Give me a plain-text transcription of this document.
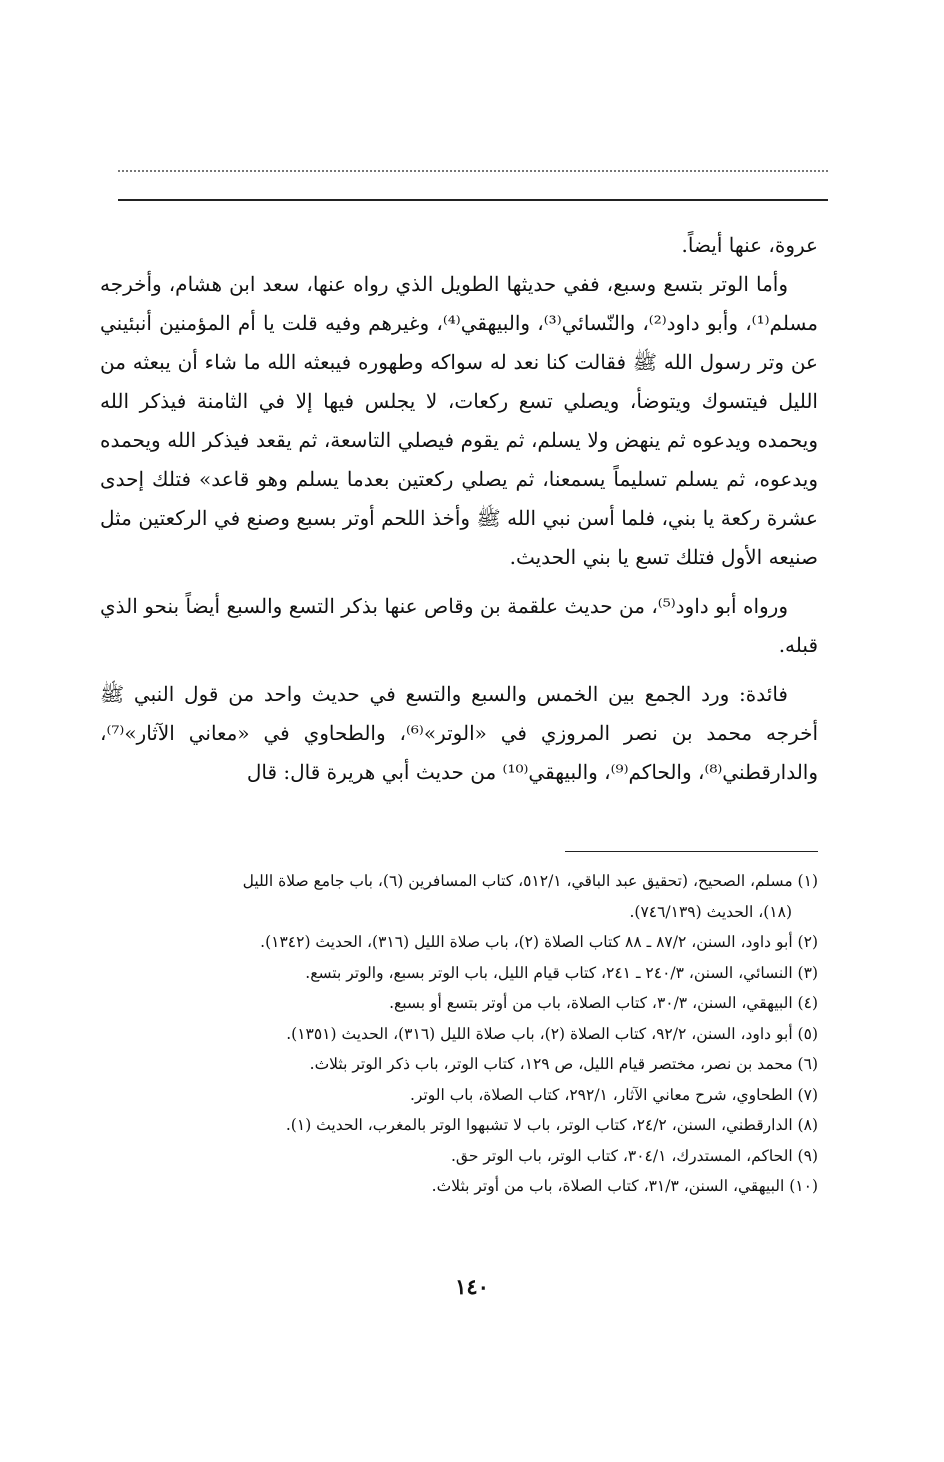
عروة، عنها أيضاً.

وأما الوتر بتسع وسبع، ففي حديثها الطويل الذي رواه عنها، سعد ابن هشام، وأخرجه مسلم⁽¹⁾، وأبو داود⁽²⁾، والنّسائي⁽³⁾، والبيهقي⁽⁴⁾، وغيرهم وفيه قلت يا أم المؤمنين أنبئيني عن وتر رسول الله ﷺ فقالت كنا نعد له سواكه وطهوره فيبعثه الله ما شاء أن يبعثه من الليل فيتسوك ويتوضأ، ويصلي تسع ركعات، لا يجلس فيها إلا في الثامنة فيذكر الله ويحمده ويدعوه ثم ينهض ولا يسلم، ثم يقوم فيصلي التاسعة، ثم يقعد فيذكر الله ويحمده ويدعوه، ثم يسلم تسليماً يسمعنا، ثم يصلي ركعتين بعدما يسلم وهو قاعد» فتلك إحدى عشرة ركعة يا بني، فلما أسن نبي الله ﷺ وأخذ اللحم أوتر بسبع وصنع في الركعتين مثل صنيعه الأول فتلك تسع يا بني الحديث.

ورواه أبو داود⁽⁵⁾، من حديث علقمة بن وقاص عنها بذكر التسع والسبع أيضاً بنحو الذي قبله.

فائدة: ورد الجمع بين الخمس والسبع والتسع في حديث واحد من قول النبي ﷺ أخرجه محمد بن نصر المروزي في «الوتر»⁽⁶⁾، والطحاوي في «معاني الآثار»⁽⁷⁾، والدارقطني⁽⁸⁾، والحاكم⁽⁹⁾، والبيهقي⁽¹⁰⁾ من حديث أبي هريرة قال: قال

(١) مسلم، الصحيح، (تحقيق عبد الباقي، ٥١٢/١، كتاب المسافرين (٦)، باب جامع صلاة الليل

(١٨)، الحديث (٧٤٦/١٣٩).

(٢) أبو داود، السنن، ٨٧/٢ ـ ٨٨ كتاب الصلاة (٢)، باب صلاة الليل (٣١٦)، الحديث (١٣٤٢).

(٣) النسائي، السنن، ٢٤٠/٣ ـ ٢٤١، كتاب قيام الليل، باب الوتر بسبع، والوتر بتسع.

(٤) البيهقي، السنن، ٣٠/٣، كتاب الصلاة، باب من أوتر بتسع أو بسبع.

(٥) أبو داود، السنن، ٩٢/٢، كتاب الصلاة (٢)، باب صلاة الليل (٣١٦)، الحديث (١٣٥١).

(٦) محمد بن نصر، مختصر قيام الليل، ص ١٢٩، كتاب الوتر، باب ذكر الوتر بثلاث.

(٧) الطحاوي، شرح معاني الآثار، ٢٩٢/١، كتاب الصلاة، باب الوتر.

(٨) الدارقطني، السنن، ٢٤/٢، كتاب الوتر، باب لا تشبهوا الوتر بالمغرب، الحديث (١).

(٩) الحاكم، المستدرك، ٣٠٤/١، كتاب الوتر، باب الوتر حق.

(١٠) البيهقي، السنن، ٣١/٣، كتاب الصلاة، باب من أوتر بثلاث.

١٤٠
